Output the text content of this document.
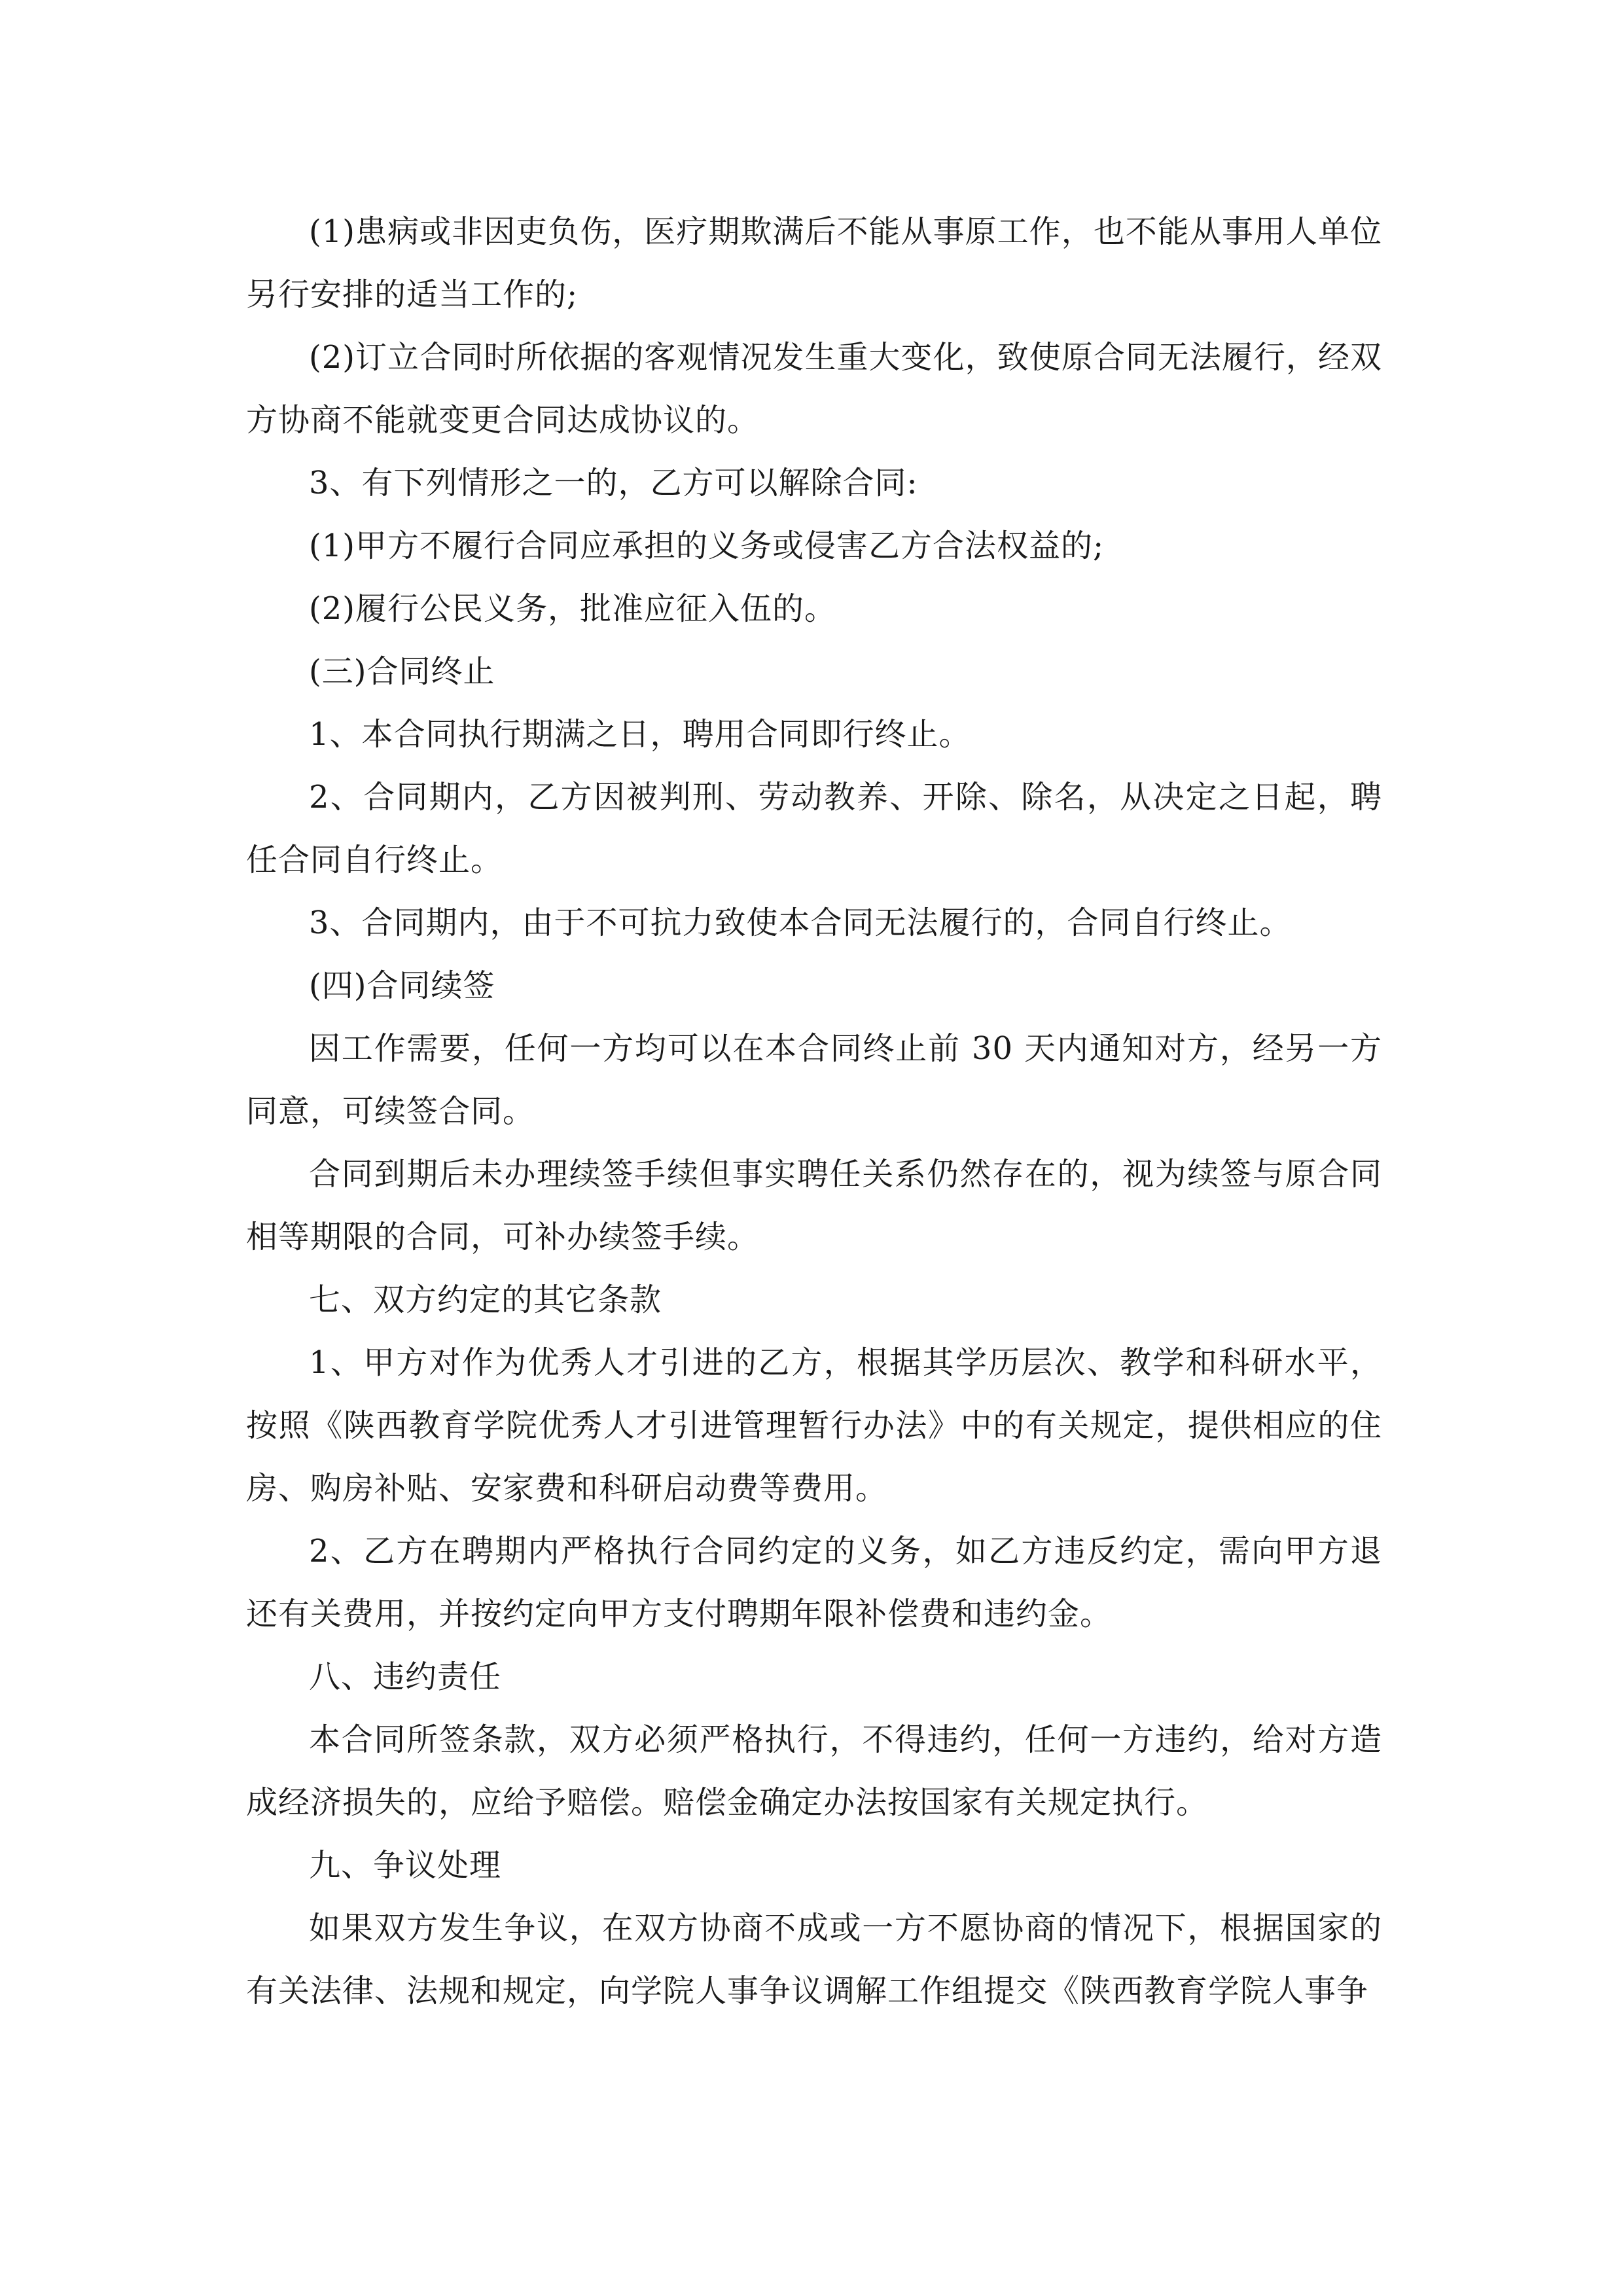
(1)患病或非因吏负伤，医疗期欺满后不能从事原工作，也不能从事用人单位另行安排的适当工作的;

(2)订立合同时所依据的客观情况发生重大变化，致使原合同无法履行，经双方协商不能就变更合同达成协议的。

3、有下列情形之一的，乙方可以解除合同:

(1)甲方不履行合同应承担的义务或侵害乙方合法权益的;

(2)履行公民义务，批准应征入伍的。

(三)合同终止

1、本合同执行期满之日，聘用合同即行终止。

2、合同期内，乙方因被判刑、劳动教养、开除、除名，从决定之日起，聘任合同自行终止。

3、合同期内，由于不可抗力致使本合同无法履行的，合同自行终止。

(四)合同续签

因工作需要，任何一方均可以在本合同终止前 30 天内通知对方，经另一方同意，可续签合同。

合同到期后未办理续签手续但事实聘任关系仍然存在的，视为续签与原合同相等期限的合同，可补办续签手续。

七、双方约定的其它条款

1、甲方对作为优秀人才引进的乙方，根据其学历层次、教学和科研水平，按照《陕西教育学院优秀人才引进管理暂行办法》中的有关规定，提供相应的住房、购房补贴、安家费和科研启动费等费用。

2、乙方在聘期内严格执行合同约定的义务，如乙方违反约定，需向甲方退还有关费用，并按约定向甲方支付聘期年限补偿费和违约金。

八、违约责任

本合同所签条款，双方必须严格执行，不得违约，任何一方违约，给对方造成经济损失的，应给予赔偿。赔偿金确定办法按国家有关规定执行。

九、争议处理

如果双方发生争议，在双方协商不成或一方不愿协商的情况下，根据国家的有关法律、法规和规定，向学院人事争议调解工作组提交《陕西教育学院人事争
